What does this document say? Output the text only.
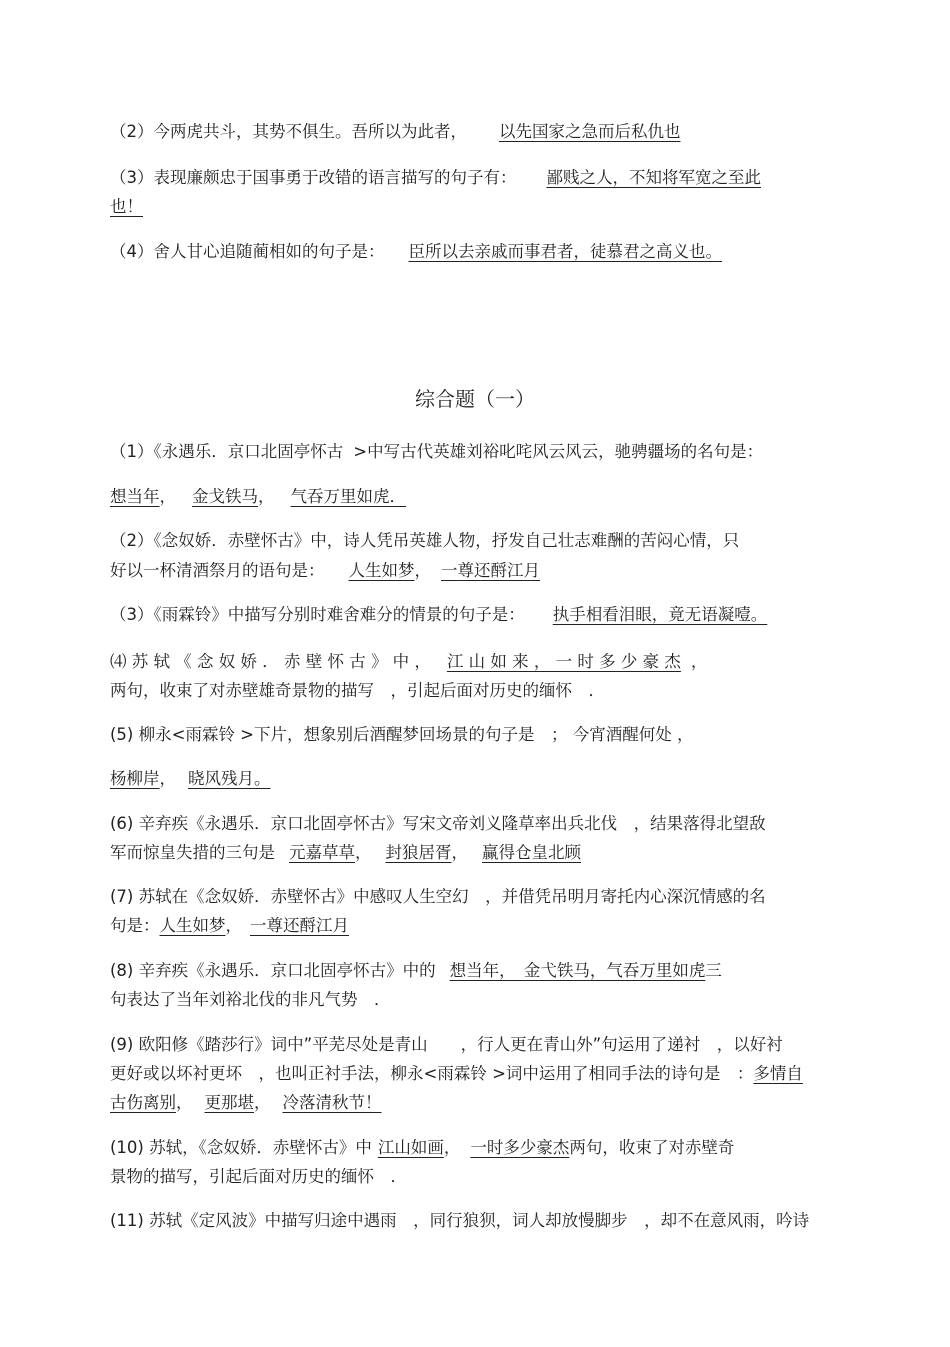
（2）今两虎共斗，其势不俱生。吾所以为此者， 以先国家之急而后私仇也
（3）表现廉颇忠于国事勇于改错的语言描写的句子有： 鄙贱之人，不知将军宽之至此
也！
（4）舍人甘心追随蔺相如的句子是： 臣所以去亲戚而事君者，徒慕君之高义也。
综合题（一）
（1）《永遇乐．京口北固亭怀古 >中写古代英雄刘裕叱咤风云风云，驰骋疆场的名句是：
想当年， 金戈铁马， 气吞万里如虎．
（2）《念奴娇．赤壁怀古》中，诗人凭吊英雄人物，抒发自己壮志难酬的苦闷心情，只
好以一杯清酒祭月的语句是： 人生如梦， 一尊还酹江月
（3）《雨霖铃》中描写分别时难舍难分的情景的句子是： 执手相看泪眼，竟无语凝噎。
⑷ 苏 轼 《 念 奴 娇 ． 赤 壁 怀 古 》 中 ， 江 山 如 来 ， 一 时 多 少 豪 杰 ，
两句，收束了对赤壁雄奇景物的描写　，引起后面对历史的缅怀　．
(5) 柳永<雨霖铃 >下片，想象别后酒醒梦回场景的句子是　； 今宵酒醒何处 ，
杨柳岸， 晓风残月。
(6) 辛弃疾《永遇乐．京口北固亭怀古》写宋文帝刘义隆草率出兵北伐　，结果落得北望敌
军而惊皇失措的三句是 元嘉草草， 封狼居胥， 赢得仓皇北顾
(7) 苏轼在《念奴娇．赤壁怀古》中感叹人生空幻　，并借凭吊明月寄托内心深沉情感的名
句是：人生如梦， 一尊还酹江月
(8) 辛弃疾《永遇乐．京口北固亭怀古》中的 想当年，　金弋铁马，气吞万里如虎三
句表达了当年刘裕北伐的非凡气势　．
(9) 欧阳修《踏莎行》词中”平芜尽处是青山　　，行人更在青山外”句运用了递衬　，以好衬
更好或以坏衬更坏　，也叫正衬手法，柳永<雨霖铃 >词中运用了相同手法的诗句是　：多情自
古伤离别， 更那堪， 冷落清秋节！
(10) 苏轼，《念奴娇．赤壁怀古》中 江山如画， 一时多少豪杰两句，收束了对赤壁奇
景物的描写，引起后面对历史的缅怀　．
(11) 苏轼《定风波》中描写归途中遇雨　，同行狼狈，词人却放慢脚步　，却不在意风雨，吟诗
